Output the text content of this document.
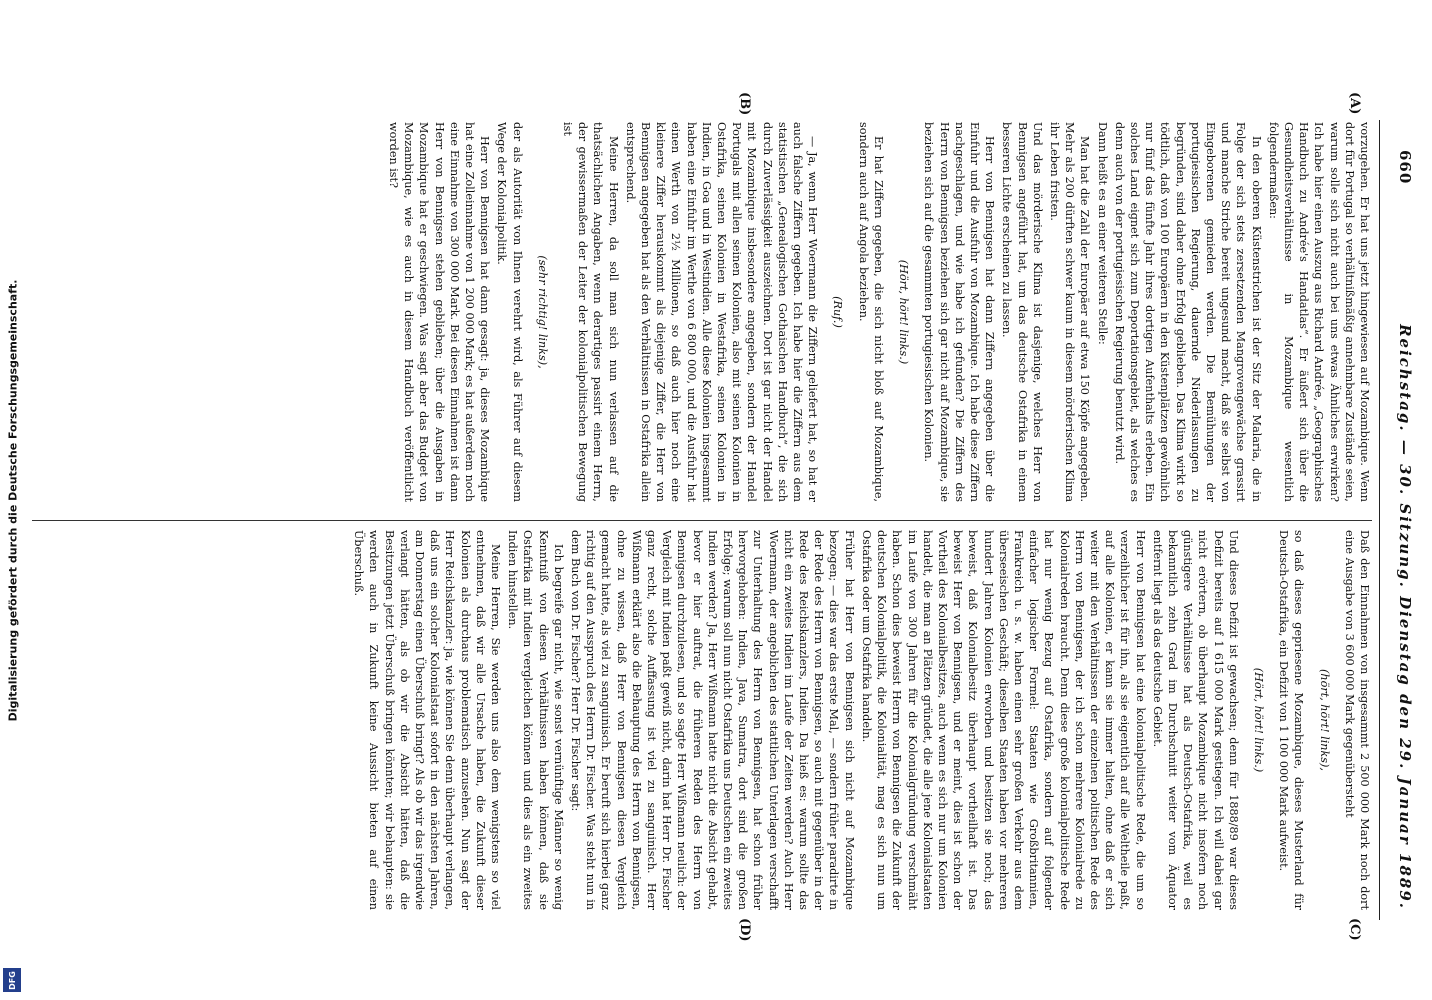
660
Reichstag. — 30. Sitzung. Dienstag den 29. Januar 1889.
(A)
(B)
(C)
(D)

vorzugehen. Er hat uns jetzt hingewiesen auf Mozambique. Wenn dort für Portugal so verhältnißmäßig annehmbare Zustände seien, warum solle sich nicht auch bei uns etwas Ähnliches erwirken? Ich habe hier einen Auszug aus Richard Andrée, „Geographisches Handbuch zu Andrée's Handatlas“. Er äußert sich über die Gesundheitsverhältnisse in Mozambique wesentlich folgendermaßen:

In den oberen Küstenstrichen ist der Sitz der Malaria, die in Folge der sich stets zersetzenden Mangrovengewächse grassirt und manche Striche bereit ungesund macht, daß sie selbst von Eingeborenen gemieden werden. Die Bemühungen der portugiesischen Regierung, dauernde Niederlassungen zu begründen, sind daher ohne Erfolg geblieben. Das Klima wirkt so tödtlich, daß von 100 Europäern in den Küstenplätzen gewöhnlich nur fünf das fünfte Jahr ihres dortigen Aufenthalts erleben. Ein solches Land eignet sich zum Deportationsgebiet, als welches es denn auch von der portugiesischen Regierung benutzt wird.

Dann heißt es an einer weiteren Stelle:

Man hat die Zahl der Europäer auf etwa 150 Köpfe angegeben. Mehr als 200 dürften schwer kaum in diesem mörderischen Klima ihr Leben fristen.

Und das mörderische Klima ist dasjenige, welches Herr von Bennigsen angeführt hat, um das deutsche Ostafrika in einem besseren Lichte erscheinen zu lassen.

Herr von Bennigsen hat dann Ziffern angegeben über die Einfuhr und die Ausfuhr von Mozambique. Ich habe diese Ziffern nachgeschlagen, und wie habe ich gefunden? Die Ziffern des Herrn von Bennigsen beziehen sich gar nicht auf Mozambique, sie beziehen sich auf die gesammten portugiesischen Kolonien.

(Hört, hört! links.)

Er hat Ziffern gegeben, die sich nicht bloß auf Mozambique, sondern auch auf Angola beziehen.

(Ruf.)

— Ja, wenn Herr Woermann die Ziffern geliefert hat, so hat er auch falsche Ziffern gegeben. Ich habe hier die Ziffern aus dem statistischen „Genealogischen Gothaischen Handbuch“, die sich durch Zuverlässigkeit auszeichnen. Dort ist gar nicht der Handel mit Mozambique insbesondere angegeben, sondern der Handel Portugals mit allen seinen Kolonien, also mit seinen Kolonien in Ostafrika, seinen Kolonien in Westafrika, seinen Kolonien in Indien, in Goa und in Westindien. Alle diese Kolonien insgesammt haben eine Einfuhr im Werthe von 6 800 000, und die Ausfuhr hat einen Werth von 2½ Millionen, so daß auch hier noch eine kleinere Ziffer herauskommt als diejenige Ziffer, die Herr von Bennigsen angegeben hat als den Verhältnissen in Ostafrika allein entsprechend.

Meine Herren, da soll man sich nun verlassen auf die thatsächlichen Angaben, wenn derartiges passirt einem Herrn, der gewissermaßen der Leiter der kolonialpolitischen Bewegung ist

(sehr richtig! links),

der als Autorität von Ihnen verehrt wird, als Führer auf diesem Wege der Kolonialpolitik.

Herr von Bennigsen hat dann gesagt: ja, dieses Mozambique hat eine Zolleinnahme von 1 200 000 Mark; es hat außerdem noch eine Einnahme von 300 000 Mark. Bei diesen Einnahmen ist dann Herr von Bennigsen stehen geblieben; über die Ausgaben in Mozambique hat er geschwiegen. Was sagt aber das Budget von Mozambique, wie es auch in diesem Handbuch veröffentlicht worden ist?

Daß den Einnahmen von insgesammt 2 500 000 Mark noch dort eine Ausgabe von 3 600 000 Mark gegenübersteht

(hört, hört! links),

so daß dieses gepriesene Mozambique, dieses Musterland für Deutsch-Ostafrika, ein Defizit von 1 100 000 Mark aufweist.

(Hört, hört! links.)

Und dieses Defizit ist gewachsen; denn für 1888/89 war dieses Defizit bereits auf 1 615 000 Mark gestiegen. Ich will dabei gar nicht erörtern, ob überhaupt Mozambique nicht insofern noch günstigere Verhältnisse hat als Deutsch-Ostafrika, weil es bekanntlich zehn Grad im Durchschnitt weiter vom Äquator entfernt liegt als das deutsche Gebiet.

Herr von Bennigsen hat eine kolonialpolitische Rede, die um so verzeihlicher ist für ihn, als sie eigentlich auf alle Weltheile paßt, auf alle Kolonien, er kann sie immer halten, ohne daß er sich weiter mit den Verhältnissen der einzelnen politischen Rede des Herrn von Bennigsen, der ich schon mehrere Kolonialrede zu Kolonialreden braucht. Denn diese große kolonialpolitische Rede hat nur wenig Bezug auf Ostafrika, sondern auf folgender einfacher logischer Formel: Staaten wie Großbritannien, Frankreich u. s. w. haben einen sehr großen Verkehr aus dem überseeischen Geschäft; dieselben Staaten haben vor mehreren hundert Jahren Kolonien erworben und besitzen sie noch; das beweist, daß Kolonialbesitz überhaupt vortheilhaft ist. Das beweist Herr von Bennigsen, und er meint, dies ist schon der Vortheil des Kolonialbesitzes, auch wenn es sich nur um Kolonien handelt, die man an Plätzen gründet, die alle jene Kolonialstaaten im Laufe von 300 Jahren für die Kolonialgründung verschmäht haben. Schon dies beweist Herrn von Bennigsen die Zukunft der deutschen Kolonialpolitik, die Kolonialität, mag es sich nun um Ostafrika oder um Ostafrika handeln.

Früher hat Herr von Bennigsen sich nicht auf Mozambique bezogen; — dies war das erste Mal, — sondern früher paradirte in der Rede des Herrn von Bennigsen, so auch mit gegenüber in der Rede des Reichskanzlers, Indien. Da hieß es: warum sollte das nicht ein zweites Indien im Laufe der Zeiten werden? Auch Herr Woermann, der angeblichen des stattlichen Unterlagen verschafft zur Unterhaltung des Herrn von Bennigsen, hat schon früher hervorgehoben: Indien, Java, Sumatra, dort sind die großen Erfolge; warum soll nun nicht Ostafrika uns Deutschen ein zweites Indien werden? Ja, Herr Wißmann hatte nicht die Absicht gehabt, bevor er hier auftrat, die früheren Reden des Herrn von Bennigsen durchzulesen, und so sagte Herr Wißmann neulich: der Vergleich mit Indien paßt gewiß nicht, darin hat Herr Dr. Fischer ganz recht, solche Auffassung ist viel zu sanguinisch. Herr Wißmann erklärt also die Behauptung des Herrn von Bennigsen, ohne zu wissen, daß Herr von Bennigsen diesen Vergleich gemacht hatte, als viel zu sanguinisch. Er beruft sich hierbei ganz richtig auf den Ausspruch des Herrn Dr. Fischer. Was steht nun in dem Buch von Dr. Fischer? Herr Dr. Fischer sagt:

Ich begreife gar nicht, wie sonst vernünftige Männer so wenig Kenntniß von diesen Verhältnissen haben können, daß sie Ostafrika mit Indien vergleichen können und dies als ein zweites Indien hinstellen.

Meine Herren, Sie werden uns also dem wenigstens so viel entnehmen, daß wir alle Ursache haben, die Zukunft dieser Kolonien als durchaus problematisch anzusehen. Nun sagt der Herr Reichskanzler: ja, wie können Sie denn überhaupt verlangen, daß uns ein solcher Kolonialstaat sofort in den nächsten Jahren, am Donnerstag einen Überschuß bringt? Als ob wir das irgendwie verlangt hätten, als ob wir die Absicht hätten, daß die Besitzungen jetzt Überschuß bringen könnten; wir behaupten: sie werden auch in Zukunft keine Aussicht bieten auf einen Überschuß.

Digitalisierung gefördert durch die Deutsche Forschungsgemeinschaft.
DFG
